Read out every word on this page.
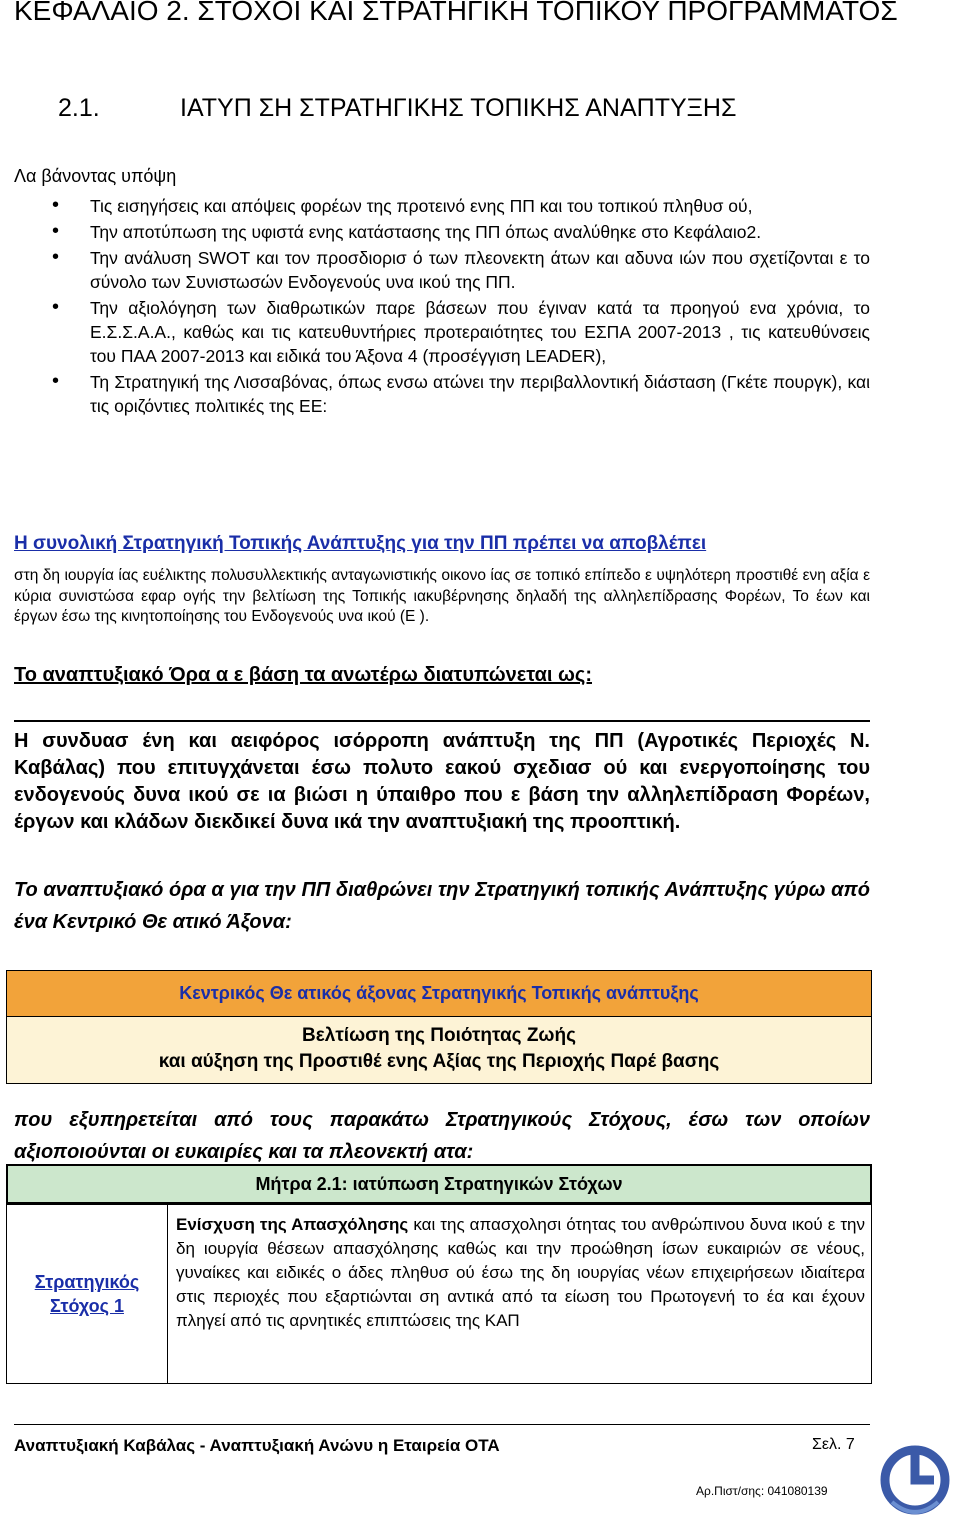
ΚΕΦΑΛΑΙΟ 2. ΣΤΟΧΟΙ ΚΑΙ ΣΤΡΑΤΗΓΙΚΗ ΤΟΠΙΚΟΥ ΠΡΟΓΡΑΜΜΑΤΟΣ
2.1.	ΙΑΤΥΠ ΣΗ ΣΤΡΑΤΗΓΙΚΗΣ ΤΟΠΙΚΗΣ ΑΝΑΠΤΥΞΗΣ
Λα βάνοντας υπόψη
• Τις εισηγήσεις και απόψεις φορέων της προτεινό ενης ΠΠ και του τοπικού πληθυσ ού,
• Την αποτύπωση της υφιστά ενης κατάστασης της ΠΠ όπως αναλύθηκε στο Κεφάλαιο2.
• Την ανάλυση SWOT και τον προσδιορισ ό των πλεονεκτη άτων και αδυνα ιών που σχετίζονται ε το σύνολο των Συνιστωσών Ενδογενούς υνα ικού της ΠΠ.
• Την αξιολόγηση των διαθρωτικών παρε βάσεων που έγιναν κατά τα προηγού ενα χρόνια, το Ε.Σ.Σ.Α.Α., καθώς και τις κατευθυντήριες προτεραιότητες του ΕΣΠΑ 2007-2013 , τις κατευθύνσεις του ΠΑΑ 2007-2013 και ειδικά του Άξονα 4 (προσέγγιση LEADER),
• Τη Στρατηγική της Λισσαβόνας, όπως ενσω ατώνει την περιβαλλοντική διάσταση (Γκέτε πουργκ), και τις οριζόντιες πολιτικές της ΕΕ:
Η συνολική Στρατηγική Τοπικής Ανάπτυξης για την ΠΠ πρέπει να αποβλέπει
στη δη ιουργία ίας ευέλικτης πολυσυλλεκτικής ανταγωνιστικής οικονο ίας σε τοπικό επίπεδο ε υψηλότερη προστιθέ ενη αξία ε κύρια συνιστώσα εφαρ ογής την βελτίωση της Τοπικής ιακυβέρνησης δηλαδή της αλληλεπίδρασης Φορέων, Το έων και έργων έσω της κινητοποίησης του Ενδογενούς υνα ικού (Ε ).
Το αναπτυξιακό Όρα α ε βάση τα ανωτέρω διατυπώνεται ως:
Η συνδυασ ένη και αειφόρος ισόρροπη ανάπτυξη της ΠΠ (Αγροτικές Περιοχές Ν. Καβάλας) που επιτυγχάνεται έσω πολυτο εακού σχεδιασ ού και ενεργοποίησης του ενδογενούς δυνα ικού σε ια βιώσι η ύπαιθρο που ε βάση την αλληλεπίδραση Φορέων, έργων και κλάδων διεκδικεί δυνα ικά την αναπτυξιακή της προοπτική.
Το αναπτυξιακό όρα α για την ΠΠ διαθρώνει την Στρατηγική τοπικής Ανάπτυξης γύρω από ένα Κεντρικό Θε ατικό Άξονα:
Κεντρικός Θε ατικός άξονας Στρατηγικής Τοπικής ανάπτυξης

Βελτίωση της Ποιότητας Ζωής
και αύξηση της Προστιθέ ενης Αξίας της Περιοχής Παρέ βασης
που εξυπηρετείται από τους παρακάτω Στρατηγικούς Στόχους, έσω των οποίων αξιοποιούνται οι ευκαιρίες και τα πλεονεκτή ατα:
Μήτρα 2.1: ιατύπωση Στρατηγικών Στόχων
Στρατηγικός Στόχος 1	Ενίσχυση της Απασχόλησης και της απασχολησι ότητας του ανθρώπινου δυνα ικού ε την δη ιουργία θέσεων απασχόλησης καθώς και την προώθηση ίσων ευκαιριών σε νέους, γυναίκες και ειδικές ο άδες πληθυσ ού έσω της δη ιουργίας νέων επιχειρήσεων ιδιαίτερα στις περιοχές που εξαρτιώνται ση αντικά από τα είωση του Πρωτογενή το έα και έχουν πληγεί από τις αρνητικές επιπτώσεις της ΚΑΠ
Αναπτυξιακή Καβάλας - Αναπτυξιακή Ανώνυ η Εταιρεία ΟΤΑ	Σελ. 7
Αρ.Πιστ/σης: 041080139
